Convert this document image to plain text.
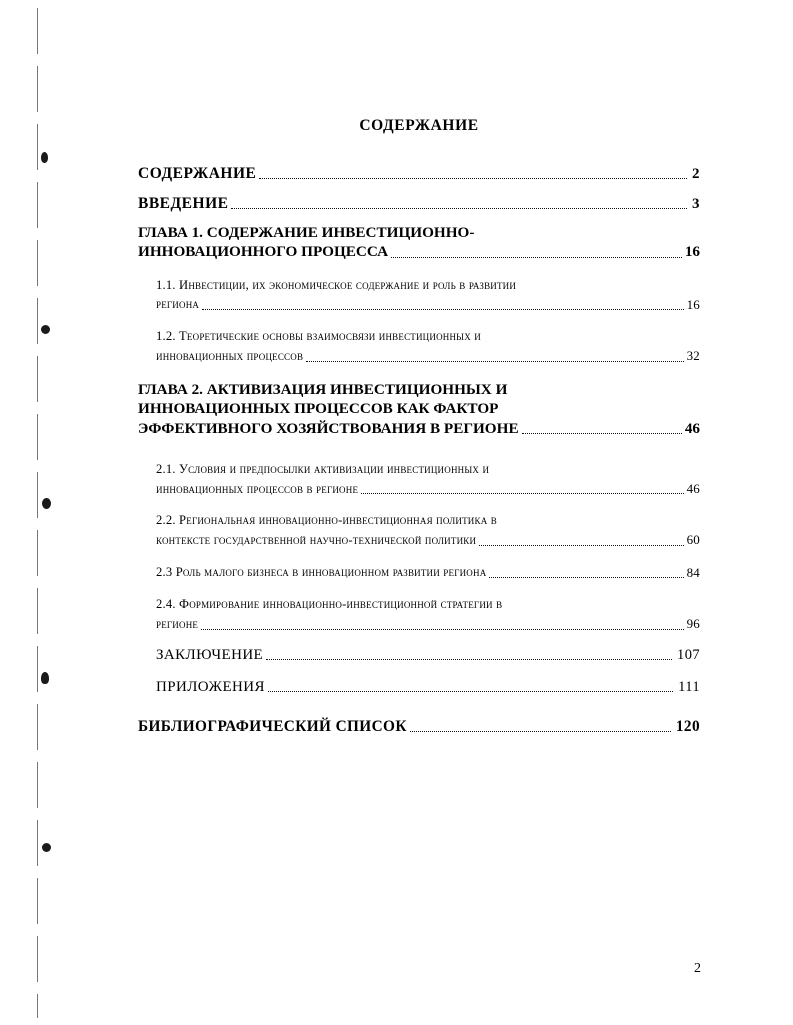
СОДЕРЖАНИЕ
СОДЕРЖАНИЕ	2
ВВЕДЕНИЕ	3
ГЛАВА 1. СОДЕРЖАНИЕ ИНВЕСТИЦИОННО-
ИННОВАЦИОННОГО ПРОЦЕССА	16
1.1. Инвестиции, их экономическое содержание и роль в развитии
региона	16
1.2. Теоретические основы взаимосвязи инвестиционных и
инновационных процессов	32
ГЛАВА 2. АКТИВИЗАЦИЯ ИНВЕСТИЦИОННЫХ И
ИННОВАЦИОННЫХ ПРОЦЕССОВ КАК ФАКТОР
ЭФФЕКТИВНОГО ХОЗЯЙСТВОВАНИЯ В РЕГИОНЕ	46
2.1. Условия и предпосылки активизации инвестиционных и
инновационных процессов в регионе	46
2.2. Региональная инновационно-инвестиционная политика в
контексте государственной научно-технической политики	60
2.3 Роль малого бизнеса в инновационном развитии региона	84
2.4. Формирование инновационно-инвестиционной стратегии в
регионе	96
ЗАКЛЮЧЕНИЕ	107
ПРИЛОЖЕНИЯ	111
БИБЛИОГРАФИЧЕСКИЙ СПИСОК	120
2
